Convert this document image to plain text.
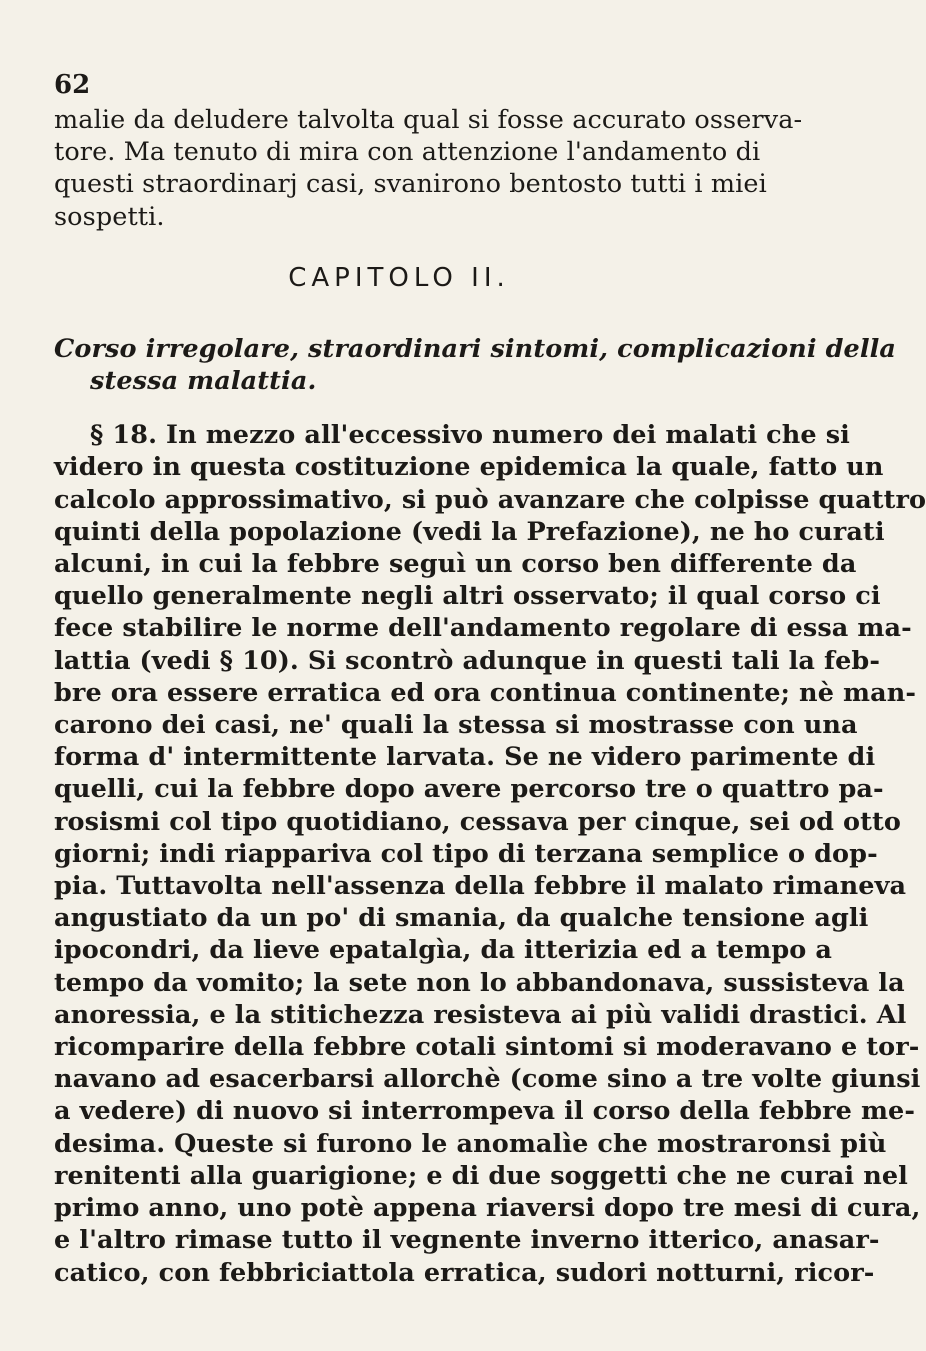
62
malie da deludere talvolta qual si fosse accurato osserva-
tore. Ma tenuto di mira con attenzione l'andamento di
questi straordinarj casi, svanirono bentosto tutti i miei
sospetti.
CAPITOLO II.
Corso irregolare, straordinari sintomi, complicazioni della
stessa malattia.
§ 18. In mezzo all'eccessivo numero dei malati che si
videro in questa costituzione epidemica la quale, fatto un
calcolo approssimativo, si può avanzare che colpisse quattro
quinti della popolazione (vedi la Prefazione), ne ho curati
alcuni, in cui la febbre seguì un corso ben differente da
quello generalmente negli altri osservato; il qual corso ci
fece stabilire le norme dell'andamento regolare di essa ma-
lattia (vedi § 10). Si scontrò adunque in questi tali la feb-
bre ora essere erratica ed ora continua continente; nè man-
carono dei casi, ne' quali la stessa si mostrasse con una
forma d' intermittente larvata. Se ne videro parimente di
quelli, cui la febbre dopo avere percorso tre o quattro pa-
rosismi col tipo quotidiano, cessava per cinque, sei od otto
giorni; indi riappariva col tipo di terzana semplice o dop-
pia. Tuttavolta nell'assenza della febbre il malato rimaneva
angustiato da un po' di smania, da qualche tensione agli
ipocondri, da lieve epatalgìa, da itterizia ed a tempo a
tempo da vomito; la sete non lo abbandonava, sussisteva la
anoressia, e la stitichezza resisteva ai più validi drastici. Al
ricomparire della febbre cotali sintomi si moderavano e tor-
navano ad esacerbarsi allorchè (come sino a tre volte giunsi
a vedere) di nuovo si interrompeva il corso della febbre me-
desima. Queste si furono le anomalìe che mostraronsi più
renitenti alla guarigione; e di due soggetti che ne curai nel
primo anno, uno potè appena riaversi dopo tre mesi di cura,
e l'altro rimase tutto il vegnente inverno itterico, anasar-
catico, con febbriciattola erratica, sudori notturni, ricor-
